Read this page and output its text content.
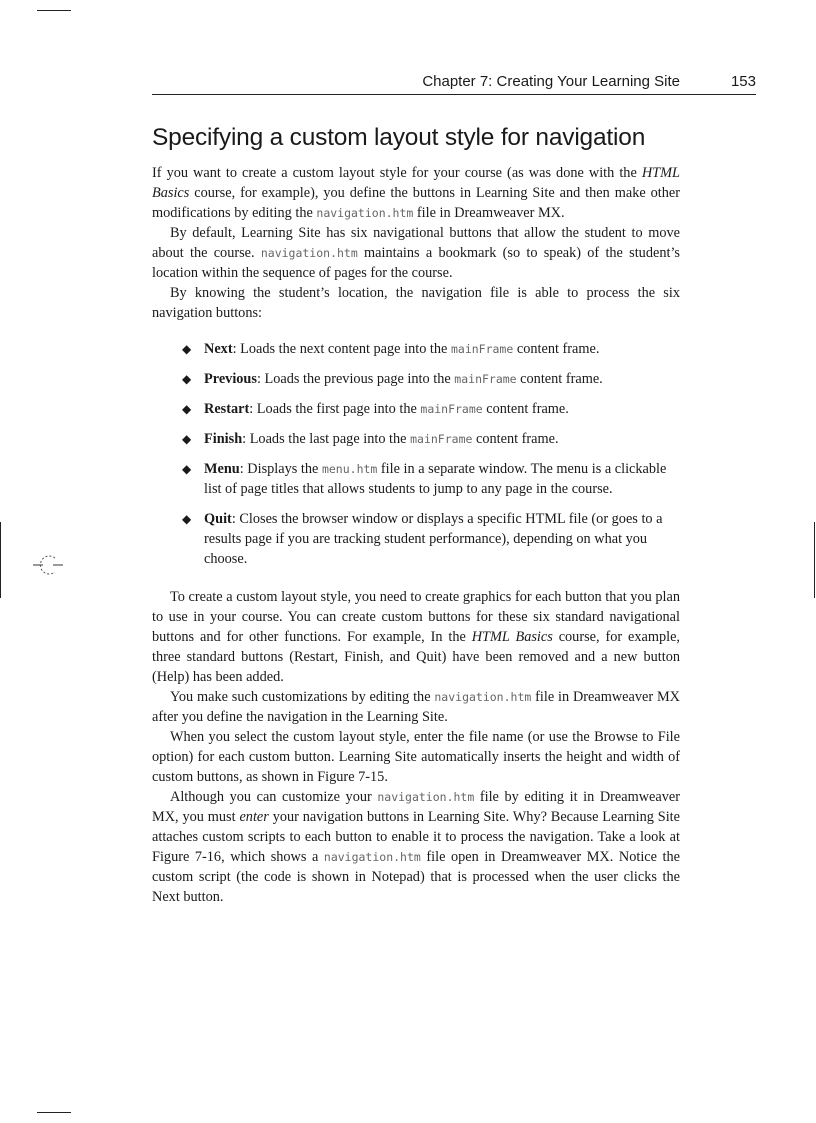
Chapter 7: Creating Your Learning Site	153
Specifying a custom layout style for navigation

If you want to create a custom layout style for your course (as was done with the HTML Basics course, for example), you define the buttons in Learning Site and then make other modifications by editing the navigation.htm file in Dreamweaver MX.

By default, Learning Site has six navigational buttons that allow the student to move about the course. navigation.htm maintains a bookmark (so to speak) of the student’s location within the sequence of pages for the course.

By knowing the student’s location, the navigation file is able to process the six navigation buttons:

◆ Next: Loads the next content page into the mainFrame content frame.
◆ Previous: Loads the previous page into the mainFrame content frame.
◆ Restart: Loads the first page into the mainFrame content frame.
◆ Finish: Loads the last page into the mainFrame content frame.
◆ Menu: Displays the menu.htm file in a separate window. The menu is a clickable list of page titles that allows students to jump to any page in the course.
◆ Quit: Closes the browser window or displays a specific HTML file (or goes to a results page if you are tracking student performance), depending on what you choose.

To create a custom layout style, you need to create graphics for each button that you plan to use in your course. You can create custom buttons for these six standard navigational buttons and for other functions. For example, In the HTML Basics course, for example, three standard buttons (Restart, Finish, and Quit) have been removed and a new button (Help) has been added.

You make such customizations by editing the navigation.htm file in Dreamweaver MX after you define the navigation in the Learning Site.

When you select the custom layout style, enter the file name (or use the Browse to File option) for each custom button. Learning Site automatically inserts the height and width of custom buttons, as shown in Figure 7-15.

Although you can customize your navigation.htm file by editing it in Dreamweaver MX, you must enter your navigation buttons in Learning Site. Why? Because Learning Site attaches custom scripts to each button to enable it to process the navigation. Take a look at Figure 7-16, which shows a navigation.htm file open in Dreamweaver MX. Notice the custom script (the code is shown in Notepad) that is processed when the user clicks the Next button.
